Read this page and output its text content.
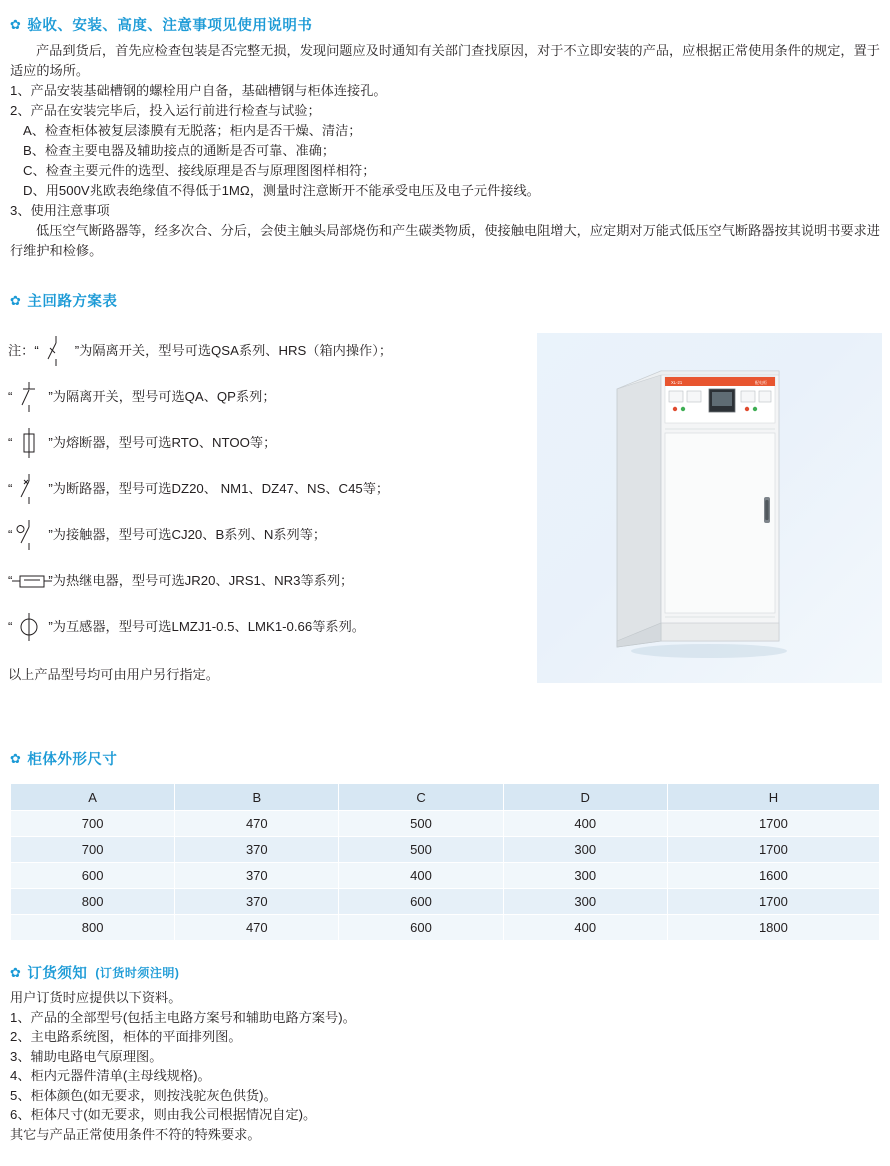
✿ 验收、安装、高度、注意事项见使用说明书

产品到货后，首先应检查包装是否完整无损，发现问题应及时通知有关部门查找原因，对于不立即安装的产品，应根据正常使用条件的规定，置于适应的场所。

1、产品安装基础槽钢的螺栓用户自备，基础槽钢与柜体连接孔。

2、产品在安装完毕后，投入运行前进行检查与试验；

A、检查柜体被复层漆膜有无脱落；柜内是否干燥、清洁；

B、检查主要电器及辅助接点的通断是否可靠、准确；

C、检查主要元件的选型、接线原理是否与原理图图样相符；

D、用500V兆欧表绝缘值不得低于1MΩ，测量时注意断开不能承受电压及电子元件接线。

3、使用注意事项

低压空气断路器等，经多次合、分后，会使主触头局部烧伤和产生碳类物质，使接触电阻增大，应定期对万能式低压空气断路器按其说明书要求进行维护和检修。

✿ 主回路方案表
注：“	”为隔离开关，型号可选QSA系列、HRS（箱内操作）；
“	”为隔离开关，型号可选QA、QP系列；
“	”为熔断器，型号可选RTO、NTOO等；
“	”为断路器，型号可选DZ20、 NM1、DZ47、NS、C45等；
“	”为接触器，型号可选CJ20、B系列、N系列等；
“	”为热继电器，型号可选JR20、JRS1、NR3等系列；
“	”为互感器，型号可选LMZJ1-0.5、LMK1-0.66等系列。
以上产品型号均可由用户另行指定。
XL-21	配电柜
✿ 柜体外形尺寸
A	B	C	D	H
700	470	500	400	1700
700	370	500	300	1700
600	370	400	300	1600
800	370	600	300	1700
800	470	600	400	1800
✿ 订货须知 (订货时须注明)

用户订货时应提供以下资料。

1、产品的全部型号(包括主电路方案号和辅助电路方案号)。

2、主电路系统图，柜体的平面排列图。

3、辅助电路电气原理图。

4、柜内元器件清单(主母线规格)。

5、柜体颜色(如无要求，则按浅驼灰色供货)。

6、柜体尺寸(如无要求，则由我公司根据情况自定)。

其它与产品正常使用条件不符的特殊要求。
